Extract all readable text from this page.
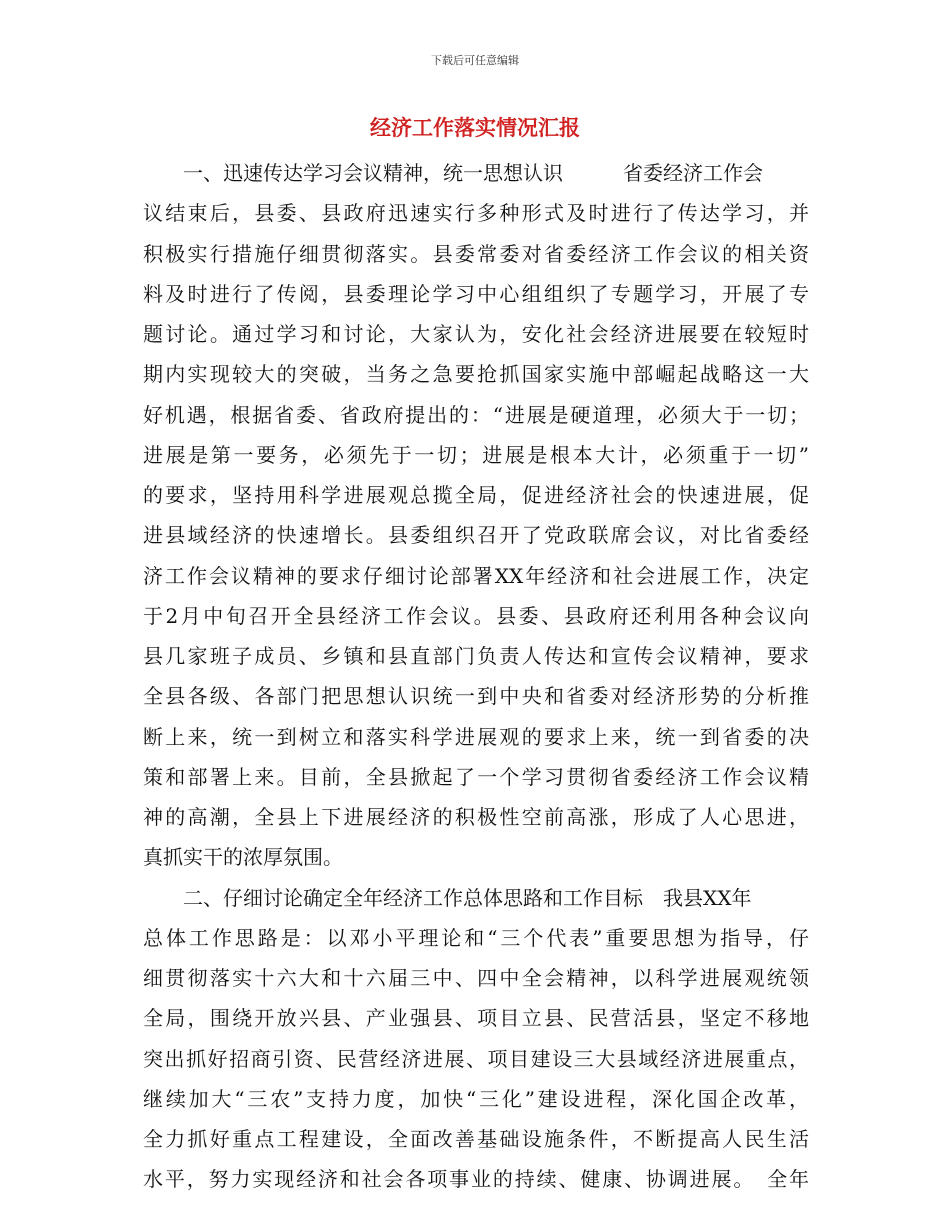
下载后可任意编辑
经济工作落实情况汇报
一、迅速传达学习会议精神，统一思想认识　　　省委经济工作会
议结束后，县委、县政府迅速实行多种形式及时进行了传达学习，并
积极实行措施仔细贯彻落实。县委常委对省委经济工作会议的相关资
料及时进行了传阅，县委理论学习中心组组织了专题学习，开展了专
题讨论。通过学习和讨论，大家认为，安化社会经济进展要在较短时
期内实现较大的突破，当务之急要抢抓国家实施中部崛起战略这一大
好机遇，根据省委、省政府提出的：“进展是硬道理，必须大于一切；
进展是第一要务，必须先于一切；进展是根本大计，必须重于一切”
的要求，坚持用科学进展观总揽全局，促进经济社会的快速进展，促
进县域经济的快速增长。县委组织召开了党政联席会议，对比省委经
济工作会议精神的要求仔细讨论部署XX年经济和社会进展工作，决定
于2月中旬召开全县经济工作会议。县委、县政府还利用各种会议向
县几家班子成员、乡镇和县直部门负责人传达和宣传会议精神，要求
全县各级、各部门把思想认识统一到中央和省委对经济形势的分析推
断上来，统一到树立和落实科学进展观的要求上来，统一到省委的决
策和部署上来。目前，全县掀起了一个学习贯彻省委经济工作会议精
神的高潮，全县上下进展经济的积极性空前高涨，形成了人心思进，
真抓实干的浓厚氛围。
二、仔细讨论确定全年经济工作总体思路和工作目标　我县XX年
总体工作思路是：以邓小平理论和“三个代表”重要思想为指导，仔
细贯彻落实十六大和十六届三中、四中全会精神，以科学进展观统领
全局，围绕开放兴县、产业强县、项目立县、民营活县，坚定不移地
突出抓好招商引资、民营经济进展、项目建设三大县域经济进展重点，
继续加大“三农”支持力度，加快“三化”建设进程，深化国企改革，
全力抓好重点工程建设，全面改善基础设施条件，不断提高人民生活
水平，努力实现经济和社会各项事业的持续、健康、协调进展。　全年
